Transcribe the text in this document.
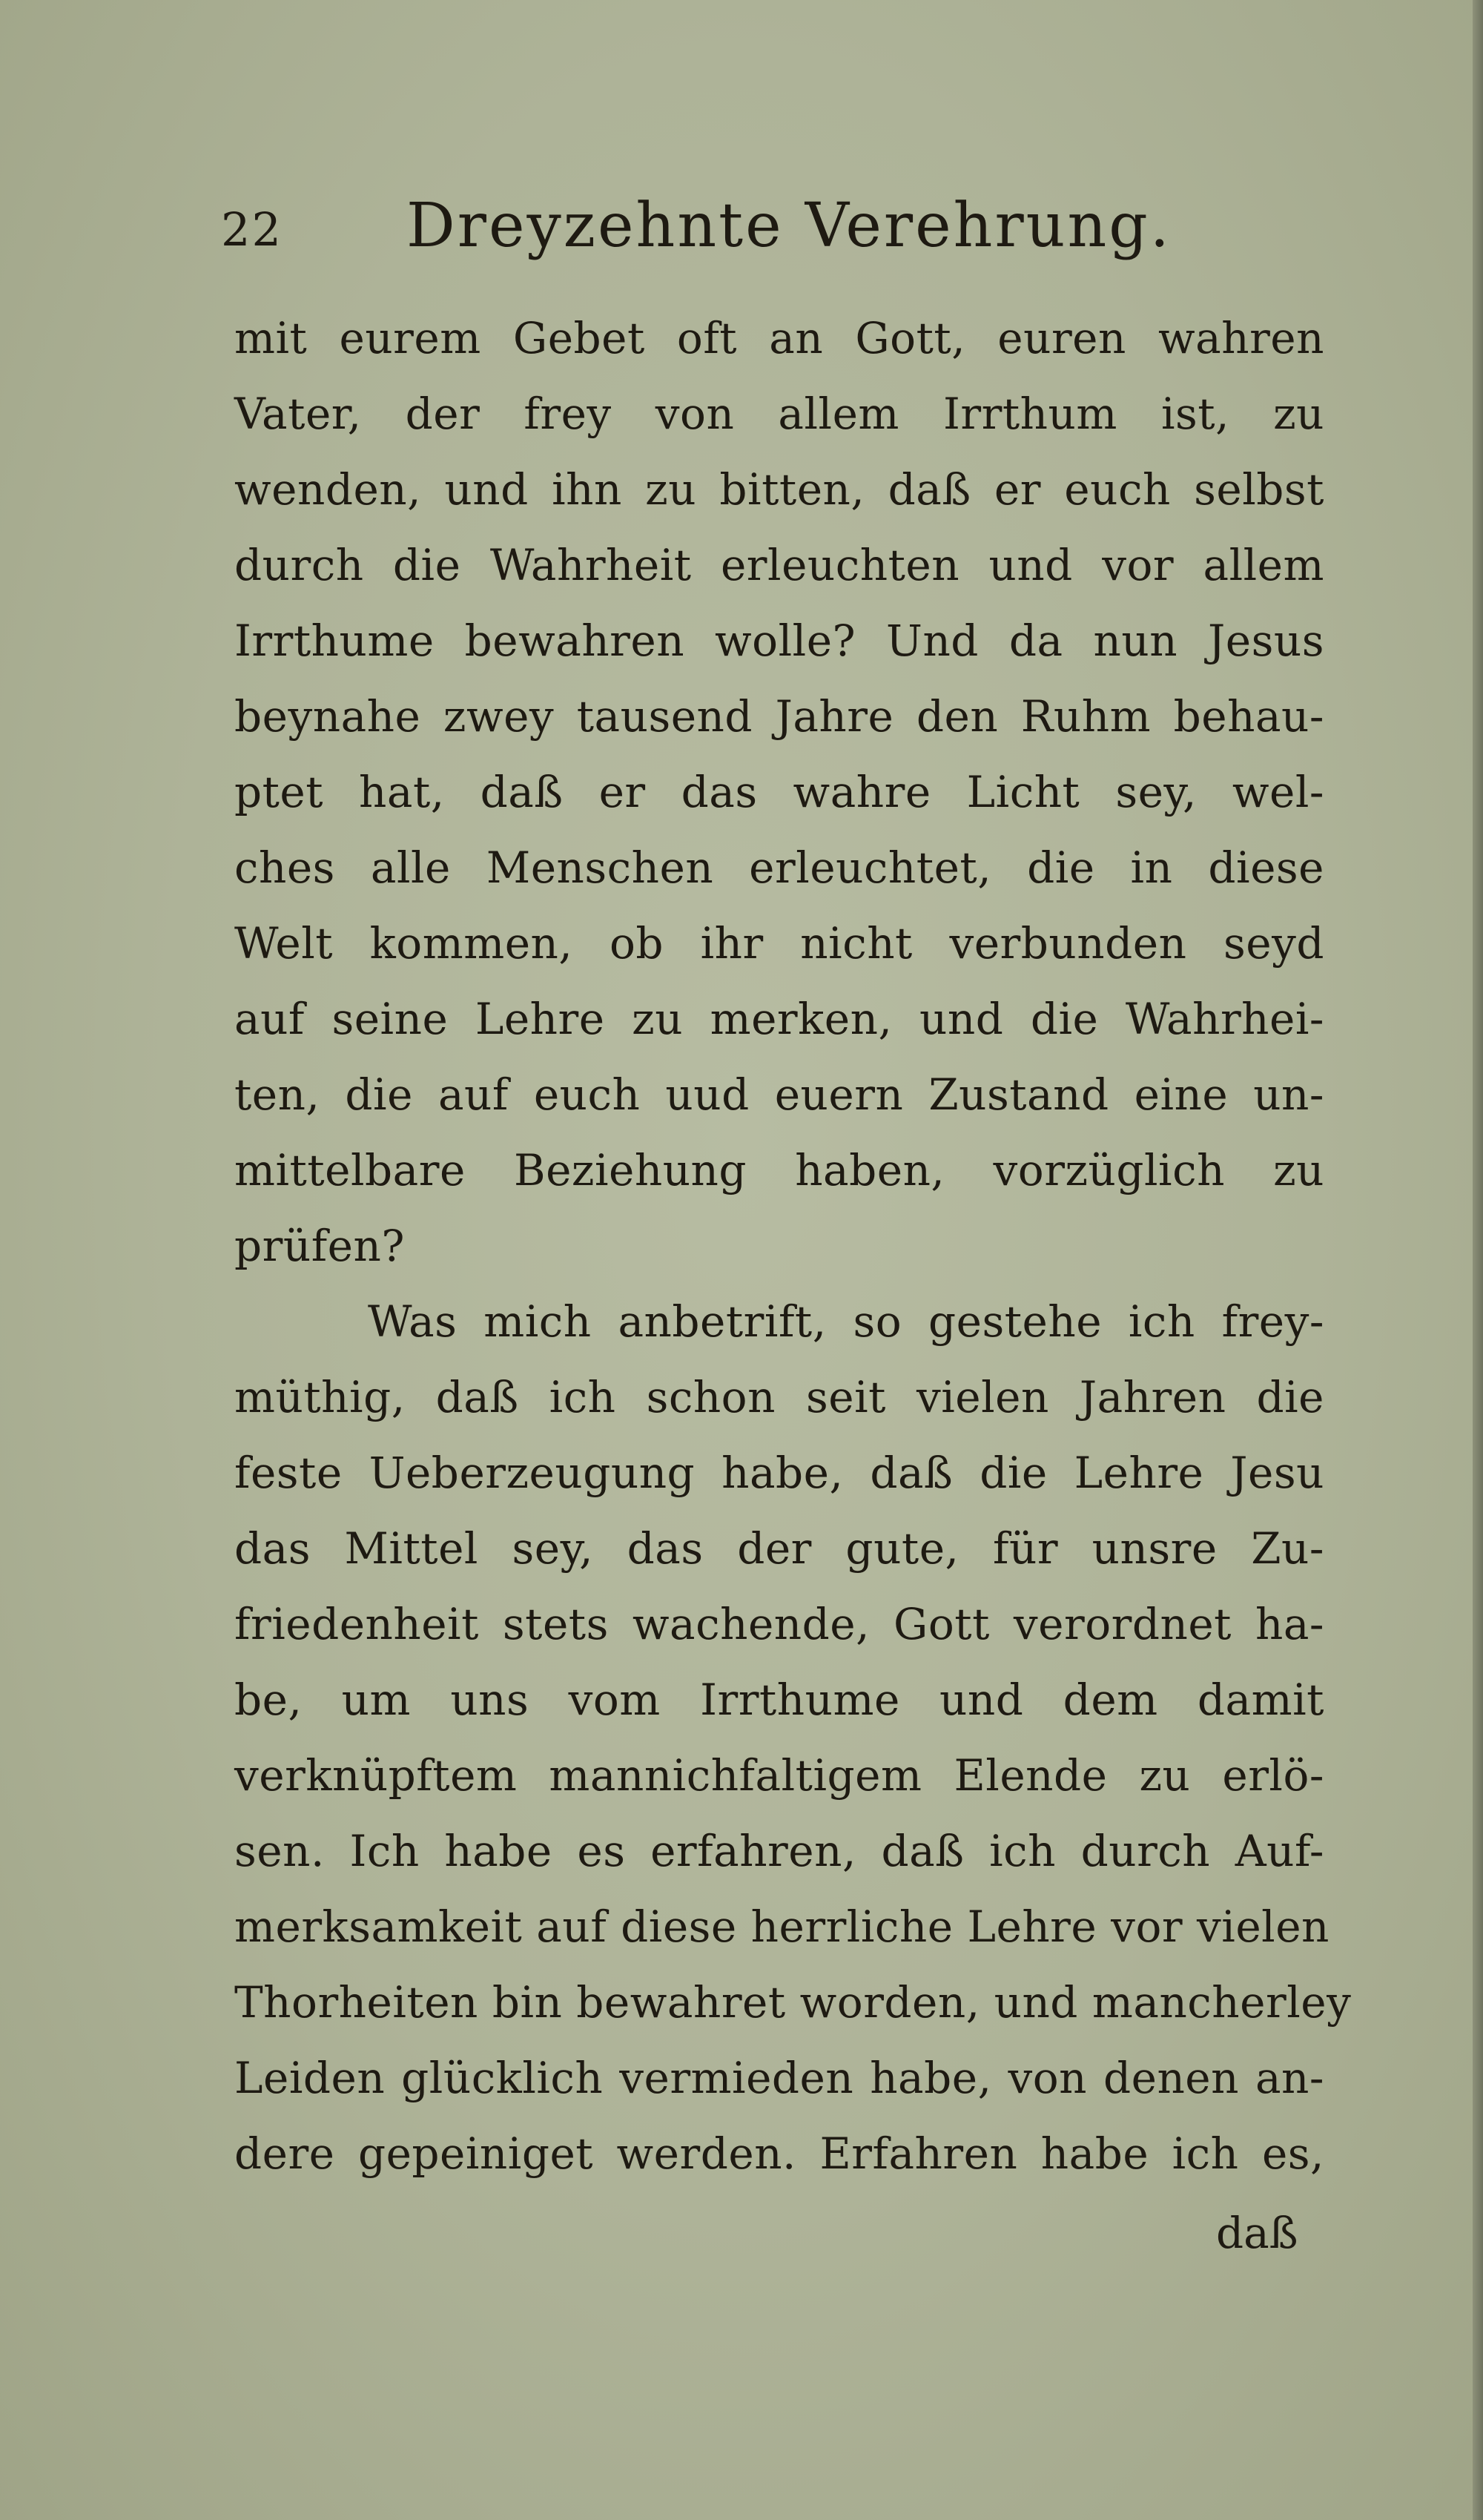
22 Dreyzehnte Verehrung.
mit eurem Gebet oft an Gott, euren wahren
Vater, der frey von allem Irrthum ist, zu
wenden, und ihn zu bitten, daß er euch selbst
durch die Wahrheit erleuchten und vor allem
Irrthume bewahren wolle? Und da nun Jesus
beynahe zwey tausend Jahre den Ruhm behau-
ptet hat, daß er das wahre Licht sey, wel-
ches alle Menschen erleuchtet, die in diese
Welt kommen, ob ihr nicht verbunden seyd
auf seine Lehre zu merken, und die Wahrhei-
ten, die auf euch uud euern Zustand eine un-
mittelbare Beziehung haben, vorzüglich zu
prüfen?
Was mich anbetrift, so gestehe ich frey-
müthig, daß ich schon seit vielen Jahren die
feste Ueberzeugung habe, daß die Lehre Jesu
das Mittel sey, das der gute, für unsre Zu-
friedenheit stets wachende, Gott verordnet ha-
be, um uns vom Irrthume und dem damit
verknüpftem mannichfaltigem Elende zu erlö-
sen. Ich habe es erfahren, daß ich durch Auf-
merksamkeit auf diese herrliche Lehre vor vielen
Thorheiten bin bewahret worden, und mancherley
Leiden glücklich vermieden habe, von denen an-
dere gepeiniget werden. Erfahren habe ich es,
daß
